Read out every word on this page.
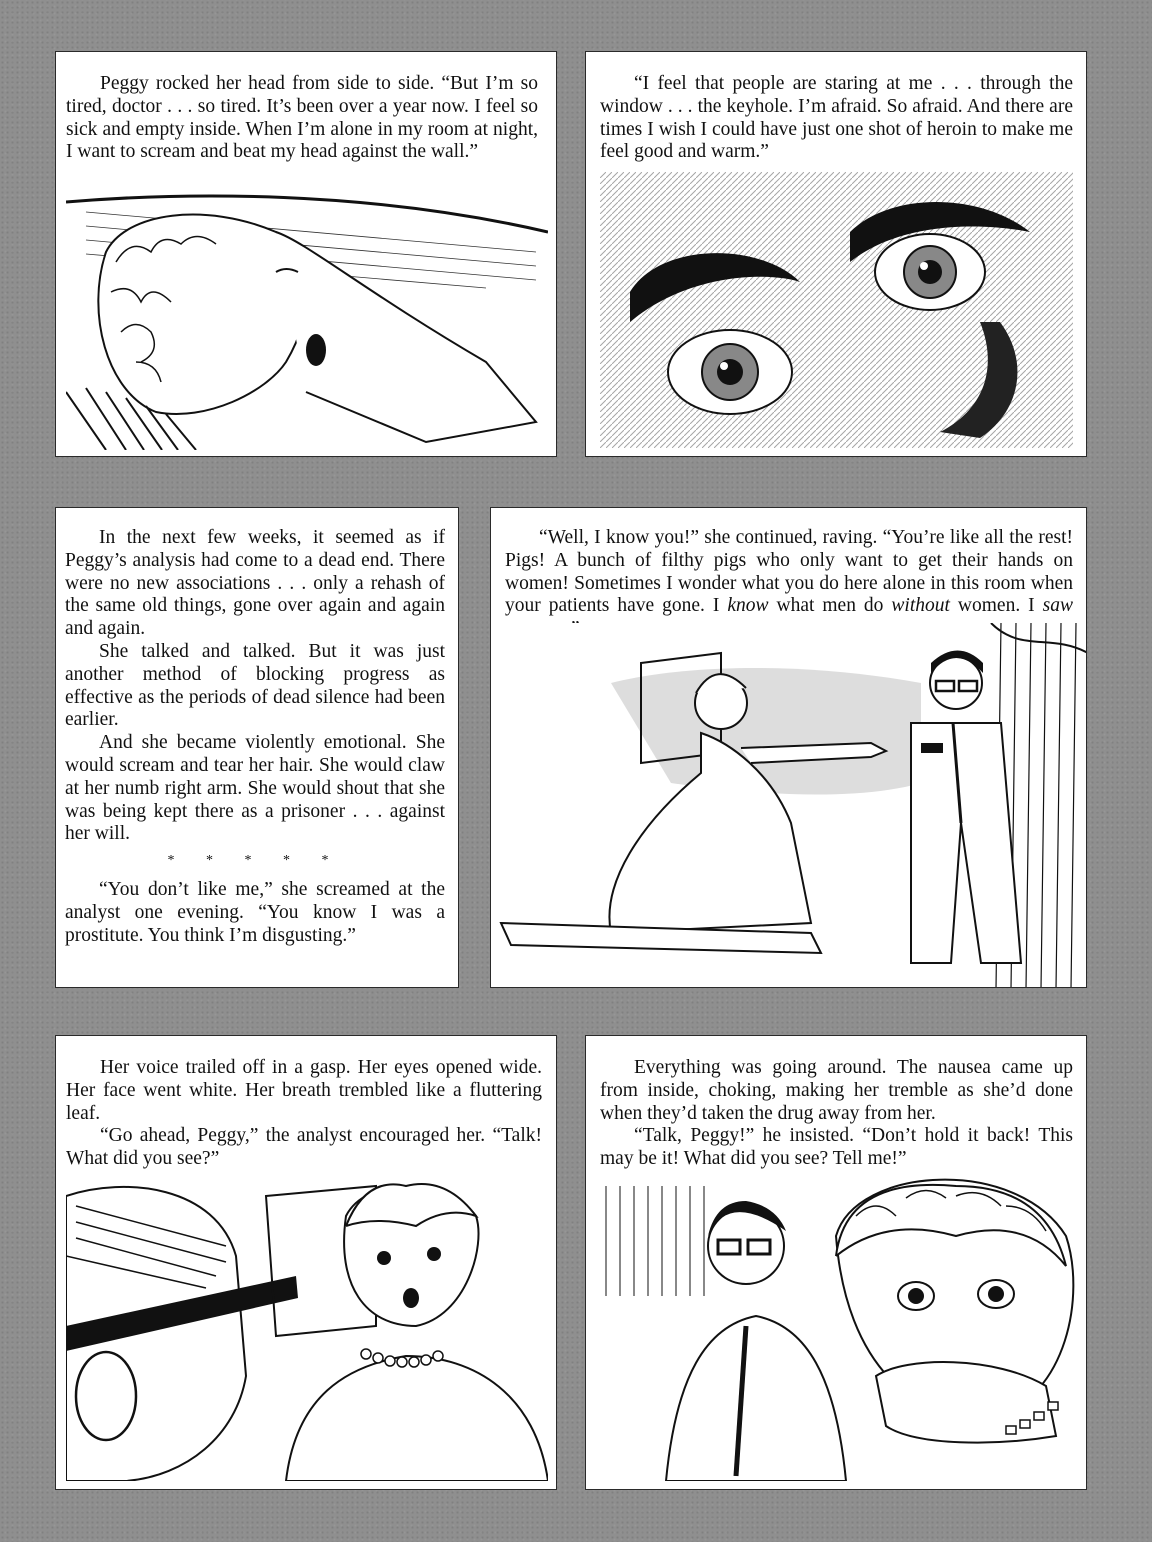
Peggy rocked her head from side to side. “But I’m so tired, doctor . . . so tired. It’s been over a year now. I feel so sick and empty inside. When I’m alone in my room at night, I want to scream and beat my head against the wall.”

“I feel that people are staring at me . . . through the window . . . the keyhole. I’m afraid. So afraid. And there are times I wish I could have just one shot of heroin to make me feel good and warm.”

In the next few weeks, it seemed as if Peggy’s analysis had come to a dead end. There were no new associations . . . only a rehash of the same old things, gone over again and again and again.

She talked and talked. But it was just another method of blocking progress as effective as the periods of dead silence had been earlier.

And she became violently emotional. She would scream and tear her hair. She would claw at her numb right arm. She would shout that she was being kept there as a prisoner . . . against her will.

* * * * *

“You don’t like me,” she screamed at the analyst one evening. “You know I was a prostitute. You think I’m disgusting.”

“Well, I know you!” she continued, raving. “You’re like all the rest! Pigs! A bunch of filthy pigs who only want to get their hands on women! Sometimes I wonder what you do here alone in this room when your patients have gone. I know what men do without women. I saw

Her voice trailed off in a gasp. Her eyes opened wide. Her face went white. Her breath trembled like a fluttering leaf.

“Go ahead, Peggy,” the analyst encouraged her. “Talk! What did you see?”

Everything was going around. The nausea came up from inside, choking, making her tremble as she’d done when they’d taken the drug away from her.

“Talk, Peggy!” he insisted. “Don’t hold it back! This may be it! What did you see? Tell me!”
